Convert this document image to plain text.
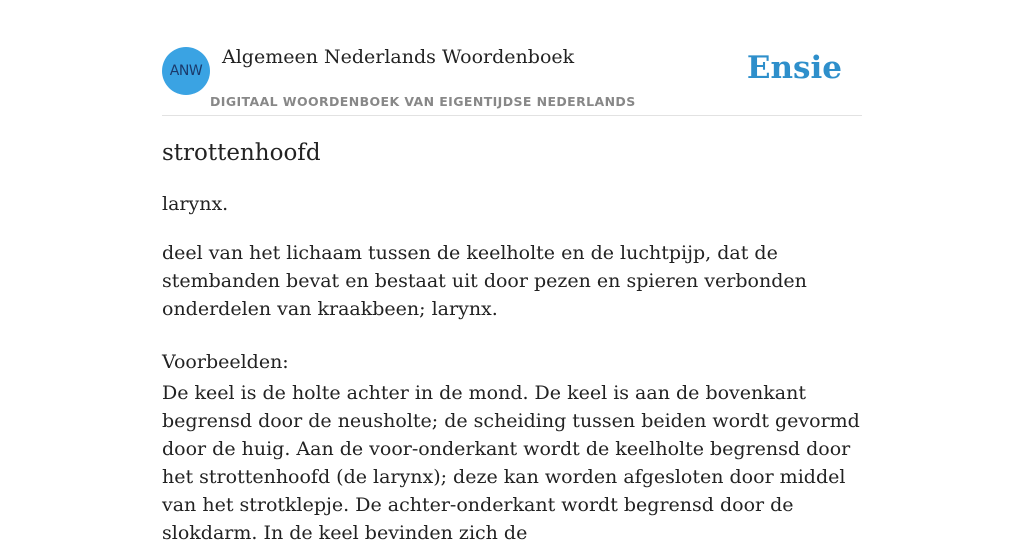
ANW
Algemeen Nederlands Woordenboek
DIGITAAL WOORDENBOEK VAN EIGENTIJDSE NEDERLANDS
Ensie
strottenhoofd
larynx.
deel van het lichaam tussen de keelholte en de luchtpijp, dat de stembanden bevat en bestaat uit door pezen en spieren verbonden onderdelen van kraakbeen; larynx.
Voorbeelden:
De keel is de holte achter in de mond. De keel is aan de bovenkant begrensd door de neusholte; de scheiding tussen beiden wordt gevormd door de huig. Aan de voor-onderkant wordt de keelholte begrensd door het strottenhoofd (de larynx); deze kan worden afgesloten door middel van het strotklepje. De achter-onderkant wordt begrensd door de slokdarm. In de keel bevinden zich de
